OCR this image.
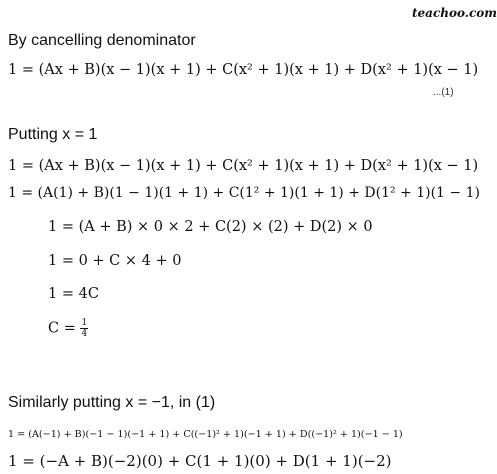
teachoo.com
By cancelling denominator
1 = (Ax + B)(x − 1)(x + 1) + C(x² + 1)(x + 1) + D(x² + 1)(x − 1)
...(1)
Putting x = 1
1 = (Ax + B)(x − 1)(x + 1) + C(x² + 1)(x + 1) + D(x² + 1)(x − 1)
1 = (A(1) + B)(1 − 1)(1 + 1) + C(1² + 1)(1 + 1) + D(1² + 1)(1 − 1)
1 = (A + B) × 0 × 2 + C(2) × (2) + D(2) × 0
1 = 0 + C × 4 + 0
1 = 4C
$C = \frac{1}{4}$
Similarly putting x = −1, in (1)
1 = (A(−1) + B)(−1 − 1)(−1 + 1) + C((−1)² + 1)(−1 + 1) + D((−1)² + 1)(−1 − 1)
1 = (−A + B)(−2)(0) + C(1 + 1)(0) + D(1 + 1)(−2)
